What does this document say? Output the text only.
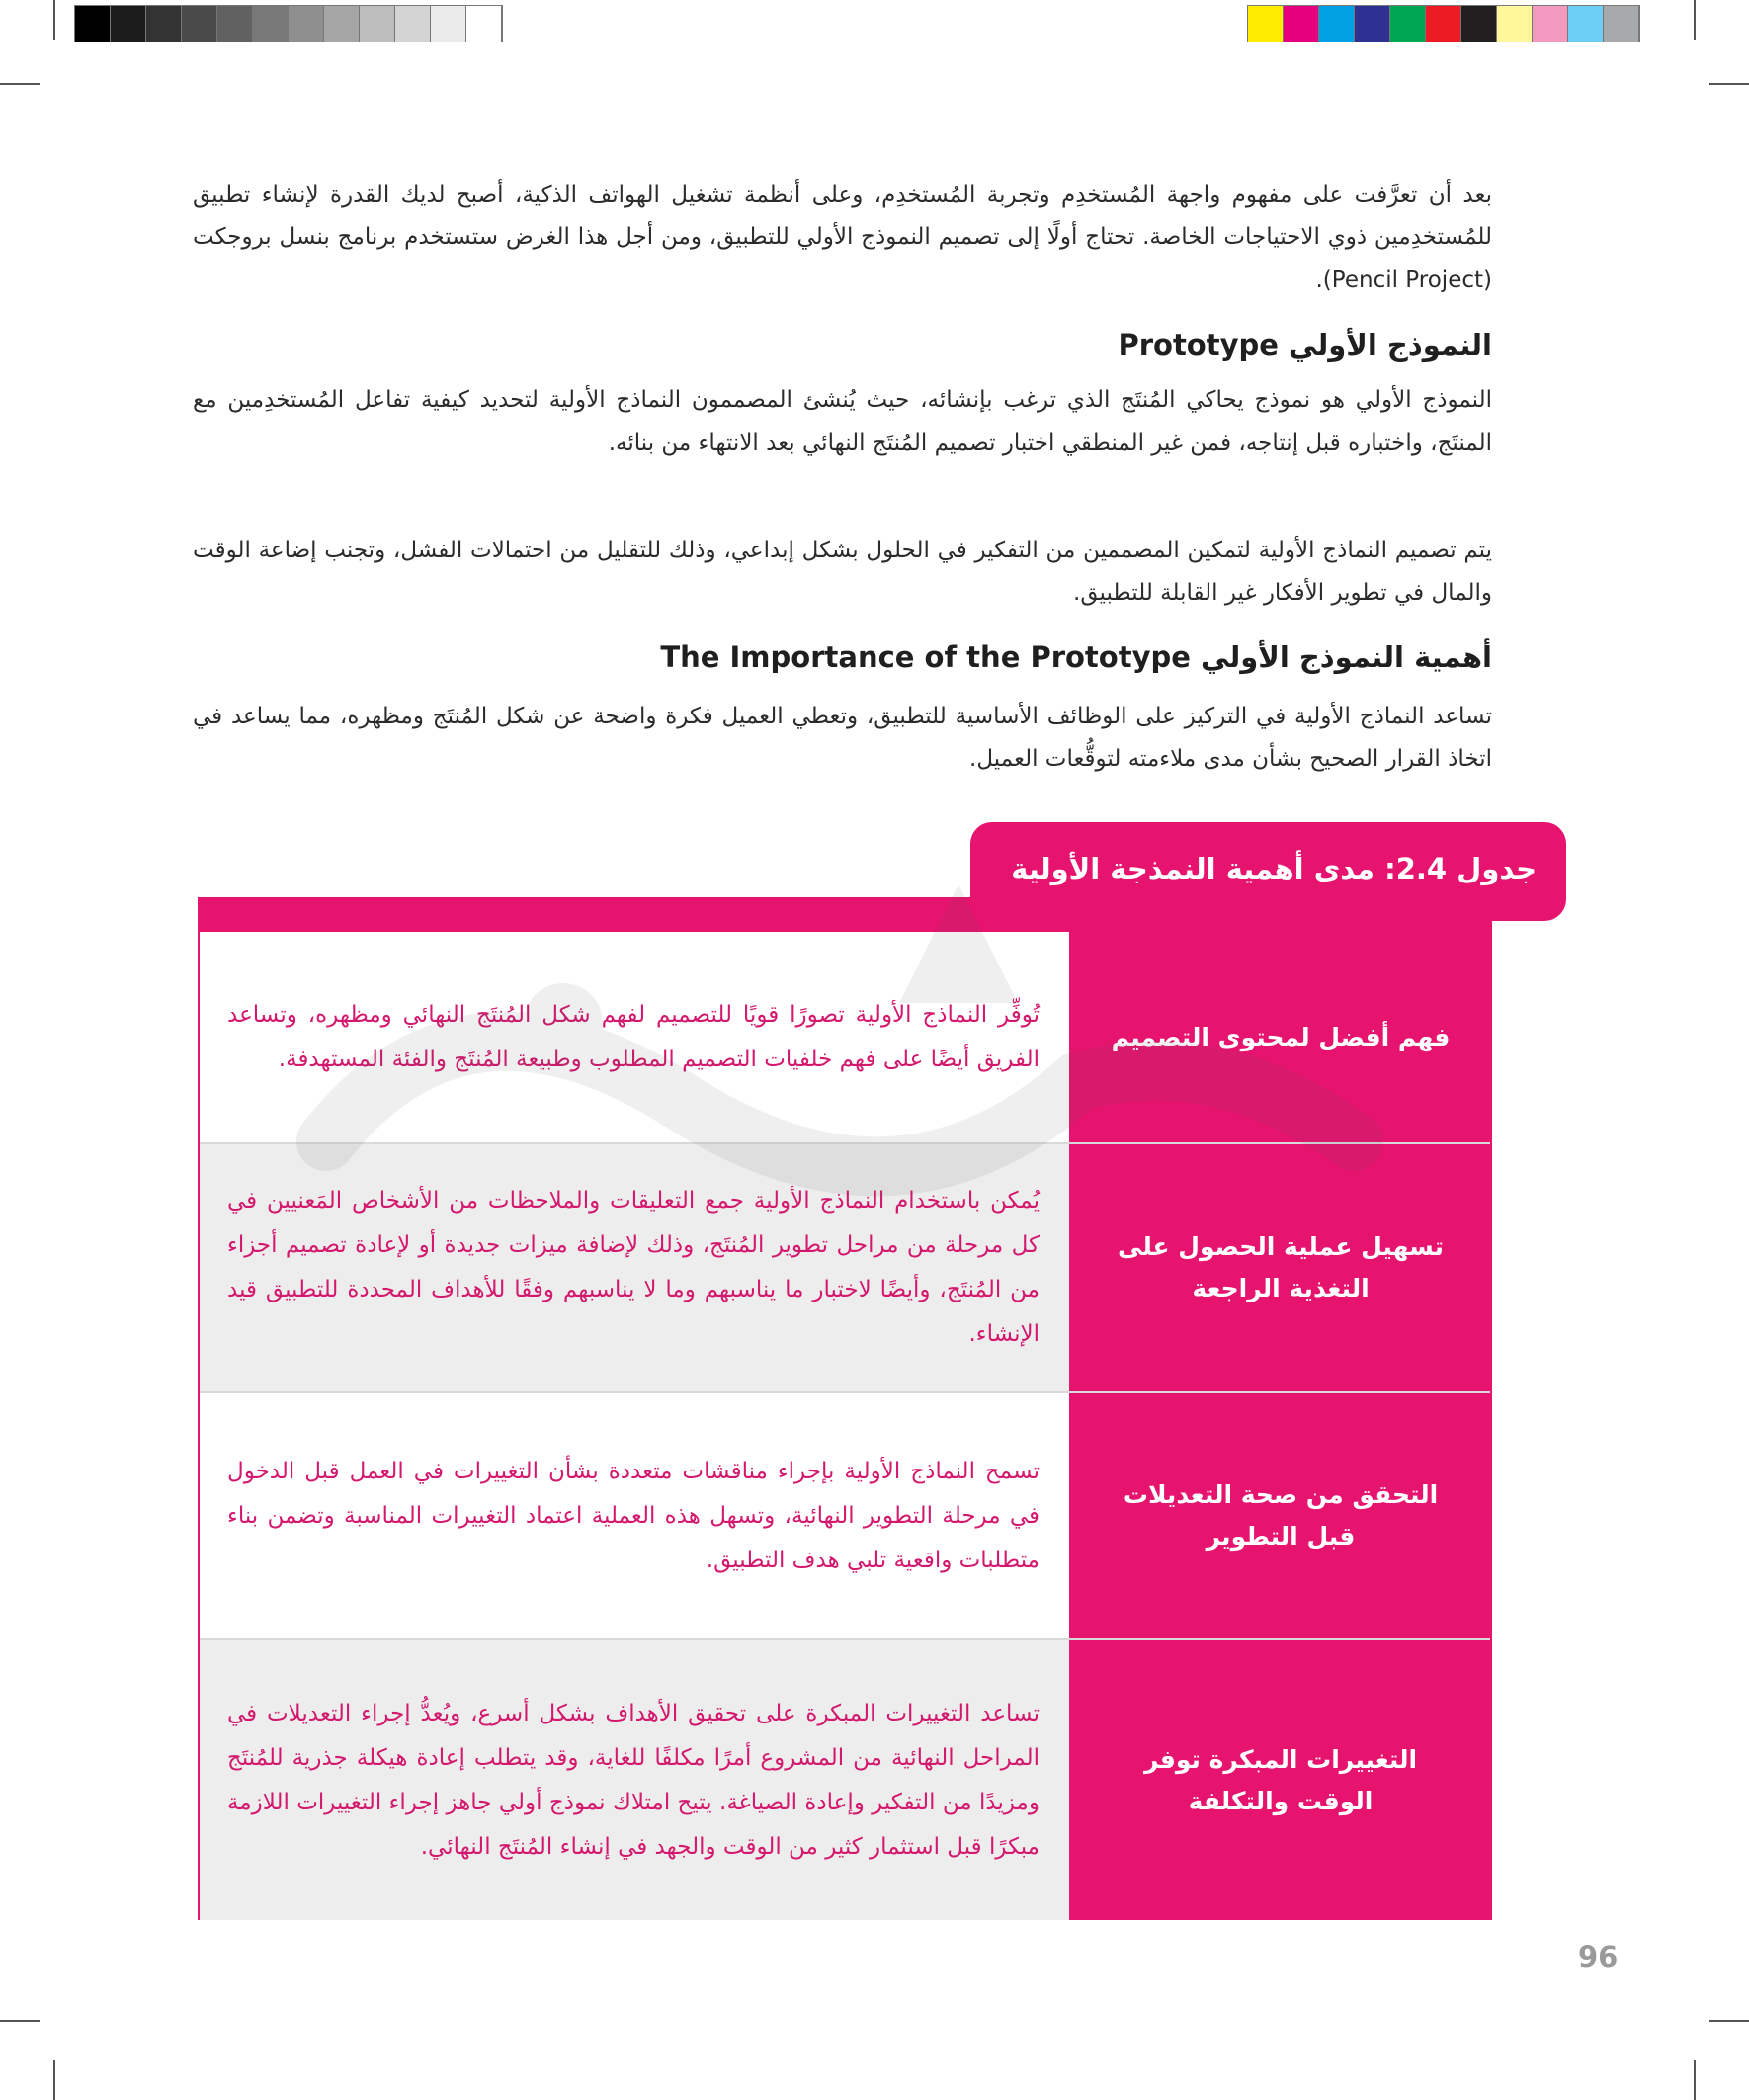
بعد أن تعرَّفت على مفهوم واجهة المُستخدِم وتجربة المُستخدِم، وعلى أنظمة تشغيل الهواتف الذكية، أصبح لديك القدرة لإنشاء تطبيق للمُستخدِمين ذوي الاحتياجات الخاصة. تحتاج أولًا إلى تصميم النموذج الأولي للتطبيق، ومن أجل هذا الغرض ستستخدم برنامج بنسل بروجكت (Pencil Project).

النموذج الأولي Prototype

النموذج الأولي هو نموذج يحاكي المُنتَج الذي ترغب بإنشائه، حيث يُنشئ المصممون النماذج الأولية لتحديد كيفية تفاعل المُستخدِمين مع المنتَج، واختباره قبل إنتاجه، فمن غير المنطقي اختبار تصميم المُنتَج النهائي بعد الانتهاء من بنائه.

يتم تصميم النماذج الأولية لتمكين المصممين من التفكير في الحلول بشكل إبداعي، وذلك للتقليل من احتمالات الفشل، وتجنب إضاعة الوقت والمال في تطوير الأفكار غير القابلة للتطبيق.

أهمية النموذج الأولي The Importance of the Prototype

تساعد النماذج الأولية في التركيز على الوظائف الأساسية للتطبيق، وتعطي العميل فكرة واضحة عن شكل المُنتَج ومظهره، مما يساعد في اتخاذ القرار الصحيح بشأن مدى ملاءمته لتوقُّعات العميل.

جدول 2.4: مدى أهمية النمذجة الأولية
تُوفِّر النماذج الأولية تصورًا قويًا للتصميم لفهم شكل المُنتَج النهائي ومظهره، وتساعد الفريق أيضًا على فهم خلفيات التصميم المطلوب وطبيعة المُنتَج والفئة المستهدفة.
فهم أفضل لمحتوى التصميم
يُمكن باستخدام النماذج الأولية جمع التعليقات والملاحظات من الأشخاص المَعنيين في كل مرحلة من مراحل تطوير المُنتَج، وذلك لإضافة ميزات جديدة أو لإعادة تصميم أجزاء من المُنتَج، وأيضًا لاختبار ما يناسبهم وما لا يناسبهم وفقًا للأهداف المحددة للتطبيق قيد الإنشاء.
تسهيل عملية الحصول على التغذية الراجعة
تسمح النماذج الأولية بإجراء مناقشات متعددة بشأن التغييرات في العمل قبل الدخول في مرحلة التطوير النهائية، وتسهل هذه العملية اعتماد التغييرات المناسبة وتضمن بناء متطلبات واقعية تلبي هدف التطبيق.
التحقق من صحة التعديلات قبل التطوير
تساعد التغييرات المبكرة على تحقيق الأهداف بشكل أسرع، ويُعدُّ إجراء التعديلات في المراحل النهائية من المشروع أمرًا مكلفًا للغاية، وقد يتطلب إعادة هيكلة جذرية للمُنتَج ومزيدًا من التفكير وإعادة الصياغة. يتيح امتلاك نموذج أولي جاهز إجراء التغييرات اللازمة مبكرًا قبل استثمار كثير من الوقت والجهد في إنشاء المُنتَج النهائي.
التغييرات المبكرة توفر الوقت والتكلفة
96
